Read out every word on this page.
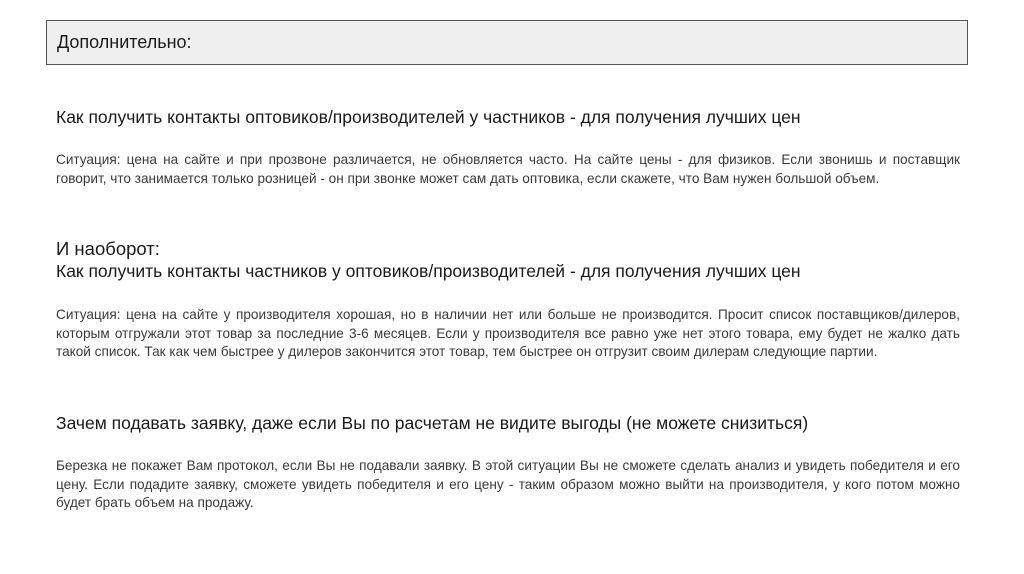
Дополнительно:
Как получить контакты оптовиков/производителей у частников - для получения лучших цен

Ситуация: цена на сайте и при прозвоне различается, не обновляется часто. На сайте цены - для физиков. Если звонишь и поставщик говорит, что занимается только розницей - он при звонке может сам дать оптовика, если скажете, что Вам нужен большой объем.

И наоборот:
Как получить контакты частников у оптовиков/производителей - для получения лучших цен

Ситуация: цена на сайте у производителя хорошая, но в наличии нет или больше не производится. Просит список поставщиков/дилеров, которым отгружали этот товар за последние 3-6 месяцев. Если у производителя все равно уже нет этого товара, ему будет не жалко дать такой список. Так как чем быстрее у дилеров закончится этот товар, тем быстрее он отгрузит своим дилерам следующие партии.

Зачем подавать заявку, даже если Вы по расчетам не видите выгоды (не можете снизиться)

Березка не покажет Вам протокол, если Вы не подавали заявку. В этой ситуации Вы не сможете сделать анализ и увидеть победителя и его цену. Если подадите заявку, сможете увидеть победителя и его цену - таким образом можно выйти на производителя, у кого потом можно будет брать объем на продажу.
